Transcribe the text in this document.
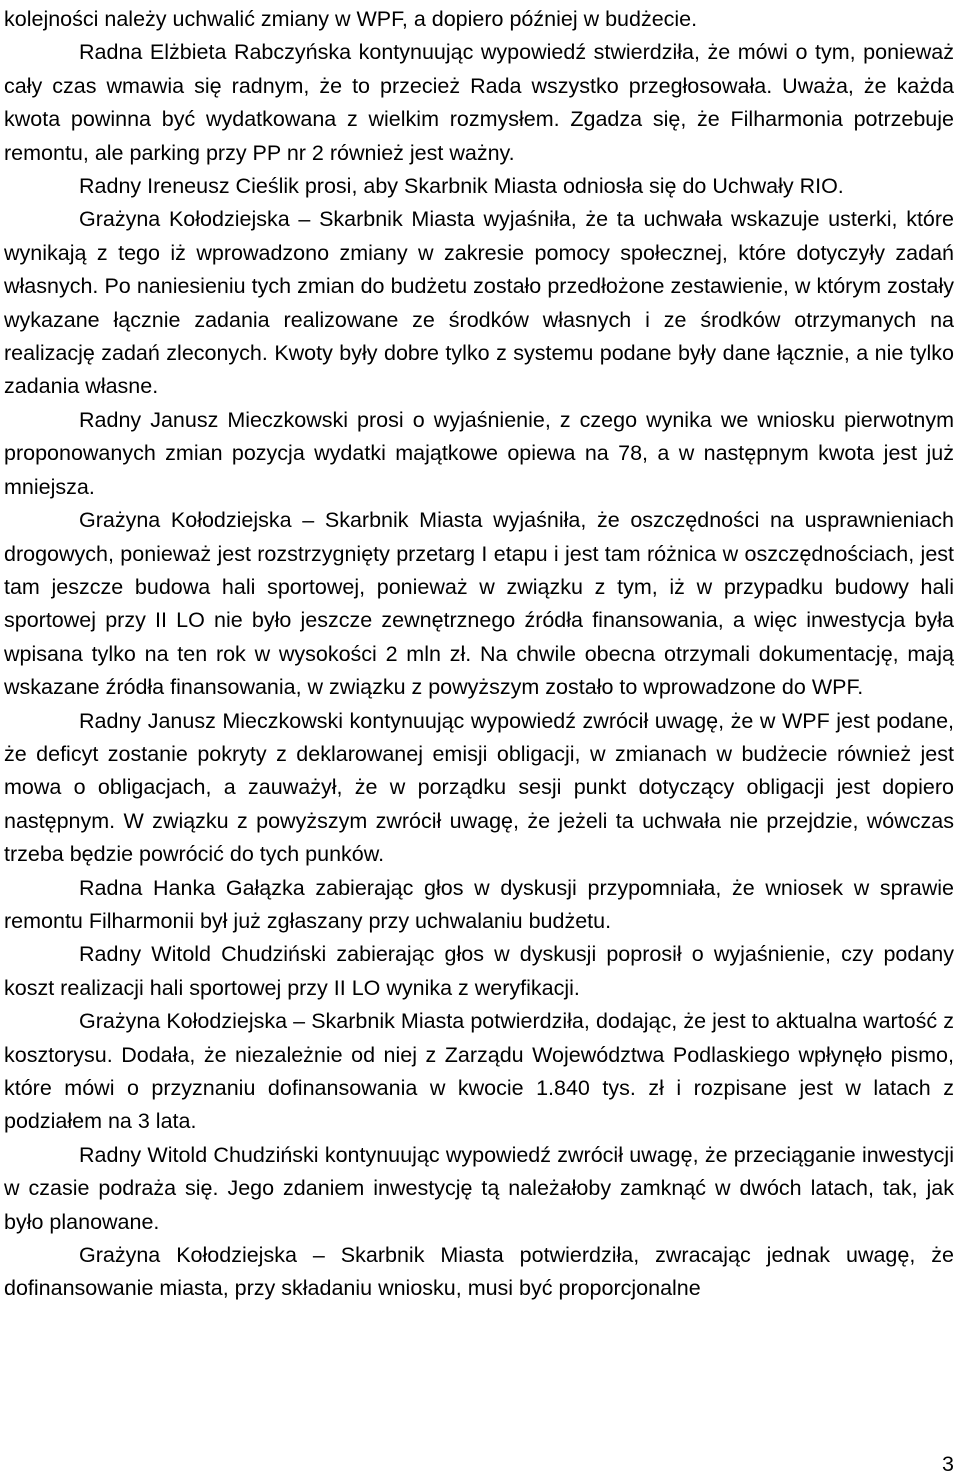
kolejności należy uchwalić zmiany w WPF, a dopiero później w budżecie.

Radna Elżbieta Rabczyńska kontynuując wypowiedź stwierdziła, że mówi o tym, ponieważ cały czas wmawia się radnym, że to przecież Rada wszystko przegłosowała. Uważa, że każda kwota powinna być wydatkowana z wielkim rozmysłem. Zgadza się, że Filharmonia potrzebuje remontu, ale parking przy PP nr 2 również jest ważny.

Radny Ireneusz Cieślik prosi, aby Skarbnik Miasta odniosła się do Uchwały RIO.

Grażyna Kołodziejska – Skarbnik Miasta wyjaśniła, że ta uchwała wskazuje usterki, które wynikają z tego iż wprowadzono zmiany w zakresie pomocy społecznej, które dotyczyły zadań własnych. Po naniesieniu tych zmian do budżetu zostało przedłożone zestawienie, w którym zostały wykazane łącznie zadania realizowane ze środków własnych i ze środków otrzymanych na realizację zadań zleconych. Kwoty były dobre tylko z systemu podane były dane łącznie, a nie tylko zadania własne.

Radny Janusz Mieczkowski prosi o wyjaśnienie, z czego wynika we wniosku pierwotnym proponowanych zmian pozycja wydatki majątkowe opiewa na 78, a w następnym kwota jest już mniejsza.

Grażyna Kołodziejska – Skarbnik Miasta wyjaśniła, że oszczędności na usprawnieniach drogowych, ponieważ jest rozstrzygnięty przetarg I etapu i jest tam różnica w oszczędnościach, jest tam jeszcze budowa hali sportowej, ponieważ w związku z tym, iż w przypadku budowy hali sportowej przy II LO nie było jeszcze zewnętrznego źródła finansowania, a więc inwestycja była wpisana tylko na ten rok w wysokości 2 mln zł. Na chwile obecna otrzymali dokumentację, mają wskazane źródła finansowania, w związku z powyższym zostało to wprowadzone do WPF.

Radny Janusz Mieczkowski kontynuując wypowiedź zwrócił uwagę, że w WPF jest podane, że deficyt zostanie pokryty z deklarowanej emisji obligacji, w zmianach w budżecie również jest mowa o obligacjach, a zauważył, że w porządku sesji punkt dotyczący obligacji jest dopiero następnym. W związku z powyższym zwrócił uwagę, że jeżeli ta uchwała nie przejdzie, wówczas trzeba będzie powrócić do tych punków.

Radna Hanka Gałązka zabierając głos w dyskusji przypomniała, że wniosek w sprawie remontu Filharmonii był już zgłaszany przy uchwalaniu budżetu.

Radny Witold Chudziński zabierając głos w dyskusji poprosił o wyjaśnienie, czy podany koszt realizacji hali sportowej przy II LO wynika z weryfikacji.

Grażyna Kołodziejska – Skarbnik Miasta potwierdziła, dodając, że jest to aktualna wartość z kosztorysu. Dodała, że niezależnie od niej z Zarządu Województwa Podlaskiego wpłynęło pismo, które mówi o przyznaniu dofinansowania w kwocie 1.840 tys. zł i rozpisane jest w latach z podziałem na 3 lata.

Radny Witold Chudziński kontynuując wypowiedź zwrócił uwagę, że przeciąganie inwestycji w czasie podraża się. Jego zdaniem inwestycję tą należałoby zamknąć w dwóch latach, tak, jak było planowane.

Grażyna Kołodziejska – Skarbnik Miasta potwierdziła, zwracając jednak uwagę, że dofinansowanie miasta, przy składaniu wniosku, musi być proporcjonalne

3
